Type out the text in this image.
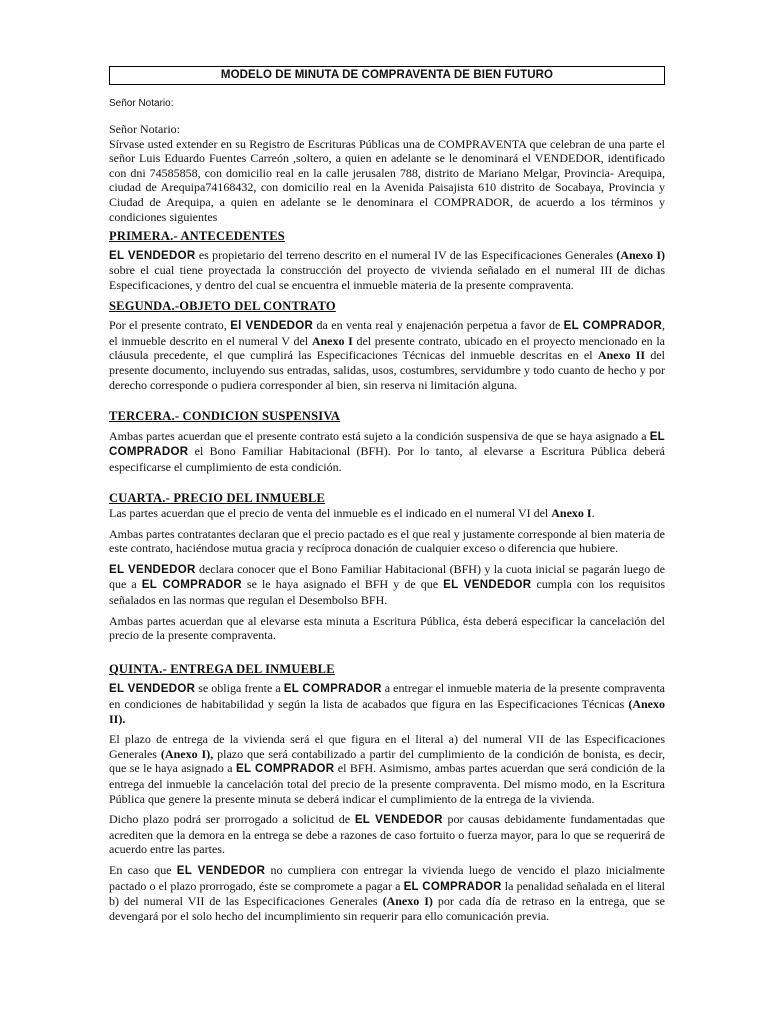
MODELO DE MINUTA DE COMPRAVENTA DE BIEN FUTURO
Señor Notario:

Señor Notario:
Sírvase usted extender en su Registro de Escrituras Públicas una de COMPRAVENTA que celebran de una parte el señor Luis Eduardo Fuentes Carreón ,soltero, a quien en adelante se le denominará el VENDEDOR, identificado con dni 74585858, con domicilio real en la calle jerusalen 788, distrito de Mariano Melgar, Provincia- Arequipa, ciudad de Arequipa74168432, con domicilio real en la Avenida Paisajista 610 distrito de Socabaya, Provincia y Ciudad de Arequipa, a quien en adelante se le denominara el COMPRADOR, de acuerdo a los términos y condiciones siguientes

PRIMERA.- ANTECEDENTES

EL VENDEDOR es propietario del terreno descrito en el numeral IV de las Especificaciones Generales (Anexo I) sobre el cual tiene proyectada la construcción del proyecto de vivienda señalado en el numeral III de dichas Especificaciones, y dentro del cual se encuentra el inmueble materia de la presente compraventa.

SEGUNDA.-OBJETO DEL CONTRATO

Por el presente contrato, El VENDEDOR da en venta real y enajenación perpetua a favor de EL COMPRADOR, el inmueble descrito en el numeral V del Anexo I del presente contrato, ubicado en el proyecto mencionado en la cláusula precedente, el que cumplirá las Especificaciones Técnicas del inmueble descritas en el Anexo II del presente documento, incluyendo sus entradas, salidas, usos, costumbres, servidumbre y todo cuanto de hecho y por derecho corresponde o pudiera corresponder al bien, sin reserva ni limitación alguna.

TERCERA.- CONDICION SUSPENSIVA

Ambas partes acuerdan que el presente contrato está sujeto a la condición suspensiva de que se haya asignado a EL COMPRADOR el Bono Familiar Habitacional (BFH). Por lo tanto, al elevarse a Escritura Pública deberá especificarse el cumplimiento de esta condición.

CUARTA.- PRECIO DEL INMUEBLE

Las partes acuerdan que el precio de venta del inmueble es el indicado en el numeral VI del Anexo I.

Ambas partes contratantes declaran que el precio pactado es el que real y justamente corresponde al bien materia de este contrato, haciéndose mutua gracia y recíproca donación de cualquier exceso o diferencia que hubiere.

EL VENDEDOR declara conocer que el Bono Familiar Habitacional (BFH) y la cuota inicial se pagarán luego de que a EL COMPRADOR se le haya asignado el BFH y de que EL VENDEDOR cumpla con los requisitos señalados en las normas que regulan el Desembolso BFH.

Ambas partes acuerdan que al elevarse esta minuta a Escritura Pública, ésta deberá especificar la cancelación del precio de la presente compraventa.

QUINTA.- ENTREGA DEL INMUEBLE

EL VENDEDOR se obliga frente a EL COMPRADOR a entregar el inmueble materia de la presente compraventa en condiciones de habitabilidad y según la lista de acabados que figura en las Especificaciones Técnicas (Anexo II).

El plazo de entrega de la vivienda será el que figura en el literal a) del numeral VII de las Especificaciones Generales (Anexo I), plazo que será contabilizado a partir del cumplimiento de la condición de bonista, es decir, que se le haya asignado a EL COMPRADOR el BFH. Asimismo, ambas partes acuerdan que será condición de la entrega del inmueble la cancelación total del precio de la presente compraventa. Del mismo modo, en la Escritura Pública que genere la presente minuta se deberá indicar el cumplimiento de la entrega de la vivienda.

Dicho plazo podrá ser prorrogado a solicitud de EL VENDEDOR por causas debidamente fundamentadas que acrediten que la demora en la entrega se debe a razones de caso fortuito o fuerza mayor, para lo que se requerirá de acuerdo entre las partes.

En caso que EL VENDEDOR no cumpliera con entregar la vivienda luego de vencido el plazo inicialmente pactado o el plazo prorrogado, éste se compromete a pagar a EL COMPRADOR la penalidad señalada en el literal b) del numeral VII de las Especificaciones Generales (Anexo I) por cada día de retraso en la entrega, que se devengará por el solo hecho del incumplimiento sin requerir para ello comunicación previa.
